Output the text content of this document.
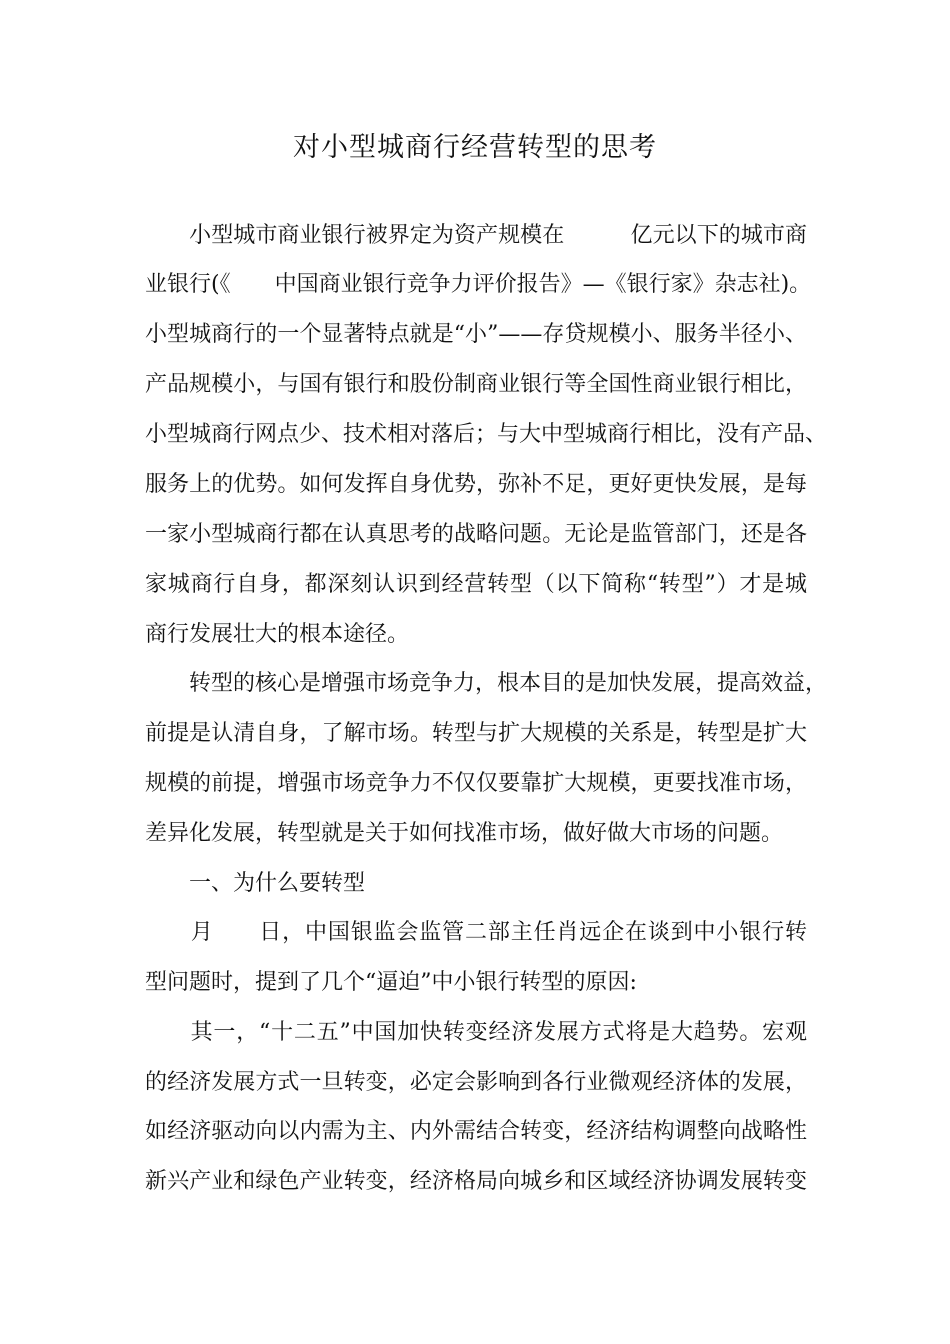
对小型城商行经营转型的思考
　　小型城市商业银行被界定为资产规模在　　　亿元以下的城市商
业银行(《　　中国商业银行竞争力评价报告》—《银行家》杂志社)。
小型城商行的一个显著特点就是“小”——存贷规模小、服务半径小、
产品规模小，与国有银行和股份制商业银行等全国性商业银行相比，
小型城商行网点少、技术相对落后；与大中型城商行相比，没有产品、
服务上的优势。如何发挥自身优势，弥补不足，更好更快发展，是每
一家小型城商行都在认真思考的战略问题。无论是监管部门，还是各
家城商行自身，都深刻认识到经营转型（以下简称“转型”）才是城
商行发展壮大的根本途径。
　　转型的核心是增强市场竞争力，根本目的是加快发展，提高效益，
前提是认清自身，了解市场。转型与扩大规模的关系是，转型是扩大
规模的前提，增强市场竞争力不仅仅要靠扩大规模，更要找准市场，
差异化发展，转型就是关于如何找准市场，做好做大市场的问题。
　　一、为什么要转型
　　月　　日，中国银监会监管二部主任肖远企在谈到中小银行转
型问题时，提到了几个“逼迫”中小银行转型的原因:
　　其一，“十二五”中国加快转变经济发展方式将是大趋势。宏观
的经济发展方式一旦转变，必定会影响到各行业微观经济体的发展，
如经济驱动向以内需为主、内外需结合转变，经济结构调整向战略性
新兴产业和绿色产业转变，经济格局向城乡和区域经济协调发展转变
